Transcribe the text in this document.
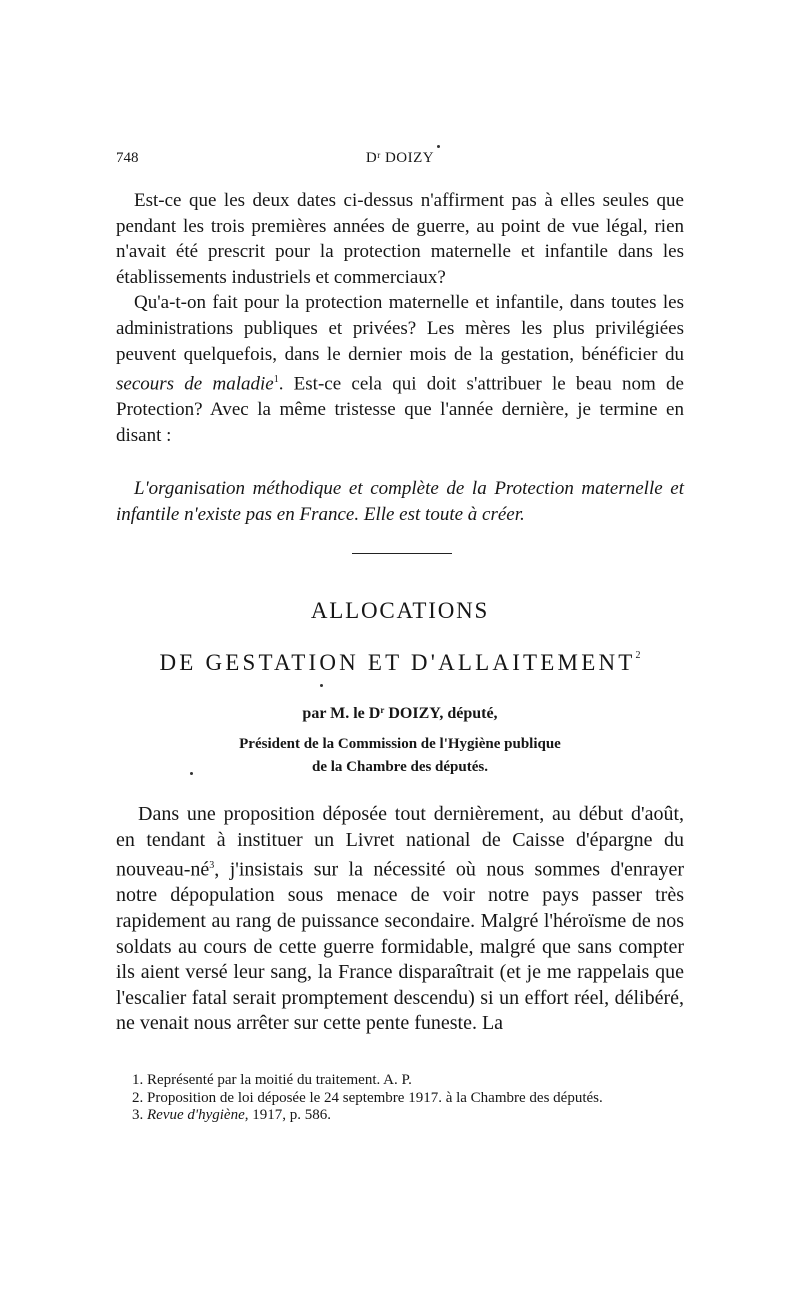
748	$D^r$ DOIZY

Est-ce que les deux dates ci-dessus n'affirment pas à elles seules que pendant les trois premières années de guerre, au point de vue légal, rien n'avait été prescrit pour la protection maternelle et infantile dans les établissements industriels et commerciaux?

Qu'a-t-on fait pour la protection maternelle et infantile, dans toutes les administrations publiques et privées? Les mères les plus privilégiées peuvent quelquefois, dans le dernier mois de la gestation, bénéficier du secours de maladie$^1$. Est-ce cela qui doit s'attribuer le beau nom de Protection? Avec la même tristesse que l'année dernière, je termine en disant :

L'organisation méthodique et complète de la Protection maternelle et infantile n'existe pas en France. Elle est toute à créer.

ALLOCATIONS
DE GESTATION ET D'ALLAITEMENT$^2$
par M. le $D^r$ DOIZY, député,
Président de la Commission de l'Hygiène publique
de la Chambre des députés.

Dans une proposition déposée tout dernièrement, au début d'août, en tendant à instituer un Livret national de Caisse d'épargne du nouveau-$né^3$, j'insistais sur la nécessité où nous sommes d'enrayer notre dépopulation sous menace de voir notre pays passer très rapidement au rang de puissance secondaire. Malgré l'héroïsme de nos soldats au cours de cette guerre formidable, malgré que sans compter ils aient versé leur sang, la France disparaîtrait (et je me rappelais que l'escalier fatal serait promptement descendu) si un effort réel, délibéré, ne venait nous arrêter sur cette pente funeste. La

1. Représenté par la moitié du traitement. A. P.

2. Proposition de loi déposée le 24 septembre 1917. à la Chambre des députés.

3. Revue d'hygiène, 1917, p. 586.
